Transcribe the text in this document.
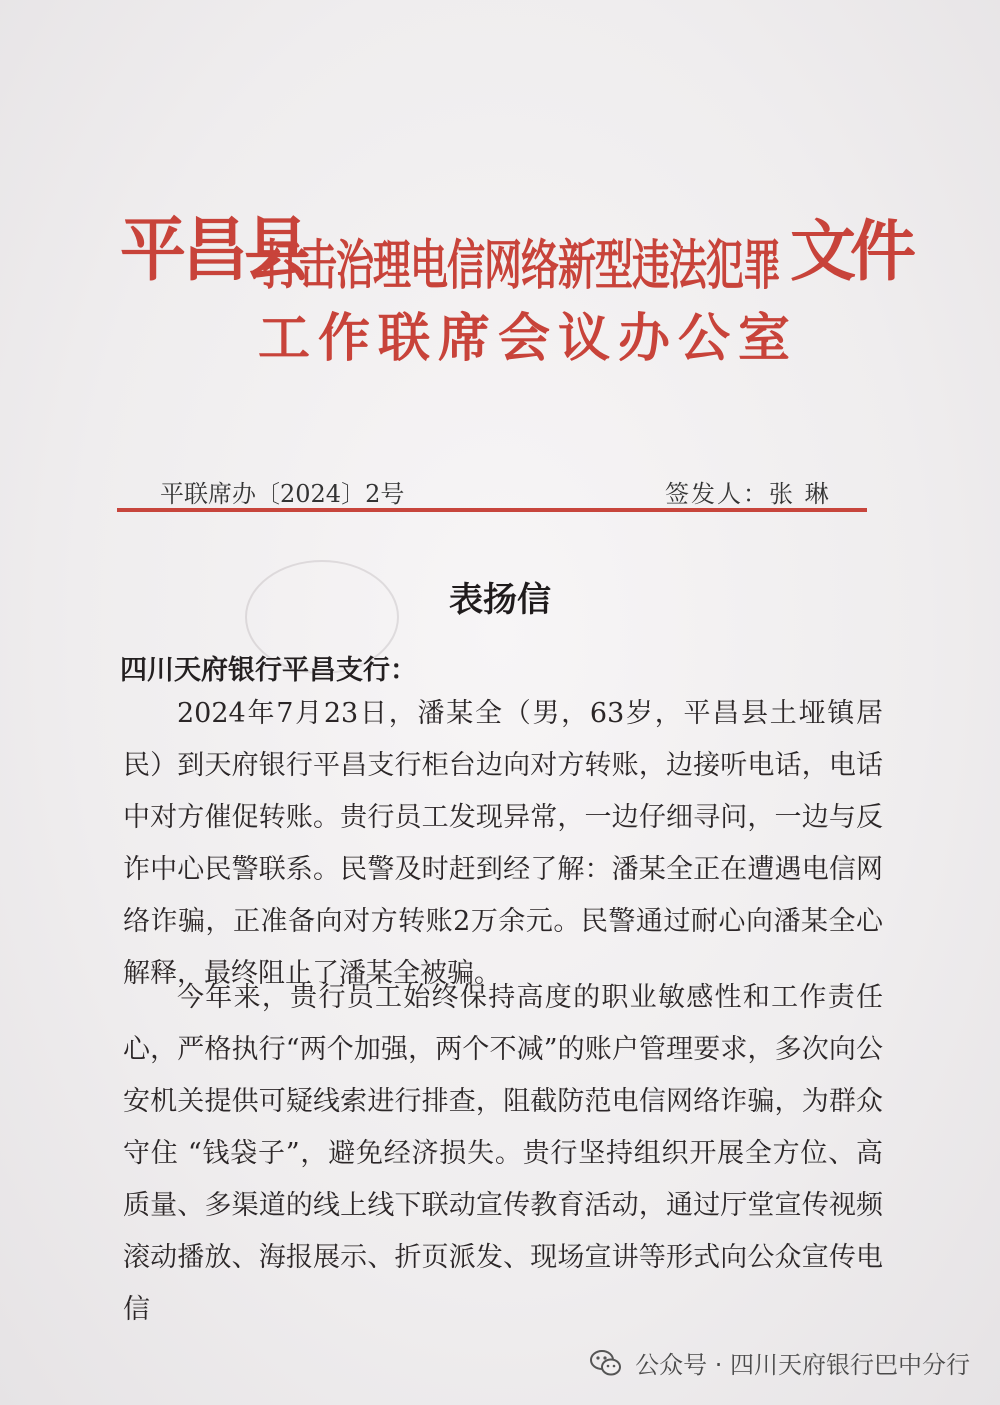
平昌县
打击治理电信网络新型违法犯罪
工作联席会议办公室
文件
平联席办〔2024〕2号	签发人：张 琳
表扬信
四川天府银行平昌支行：

2024年7月23日，潘某全（男，63岁，平昌县土垭镇居民）到天府银行平昌支行柜台边向对方转账，边接听电话，电话中对方催促转账。贵行员工发现异常，一边仔细寻问，一边与反诈中心民警联系。民警及时赶到经了解：潘某全正在遭遇电信网络诈骗，正准备向对方转账2万余元。民警通过耐心向潘某全心解释，最终阻止了潘某全被骗。

今年来，贵行员工始终保持高度的职业敏感性和工作责任心，严格执行“两个加强，两个不减”的账户管理要求，多次向公安机关提供可疑线索进行排查，阻截防范电信网络诈骗，为群众守住 “钱袋子”，避免经济损失。贵行坚持组织开展全方位、高质量、多渠道的线上线下联动宣传教育活动，通过厅堂宣传视频滚动播放、海报展示、折页派发、现场宣讲等形式向公众宣传电信

公众号 · 四川天府银行巴中分行
